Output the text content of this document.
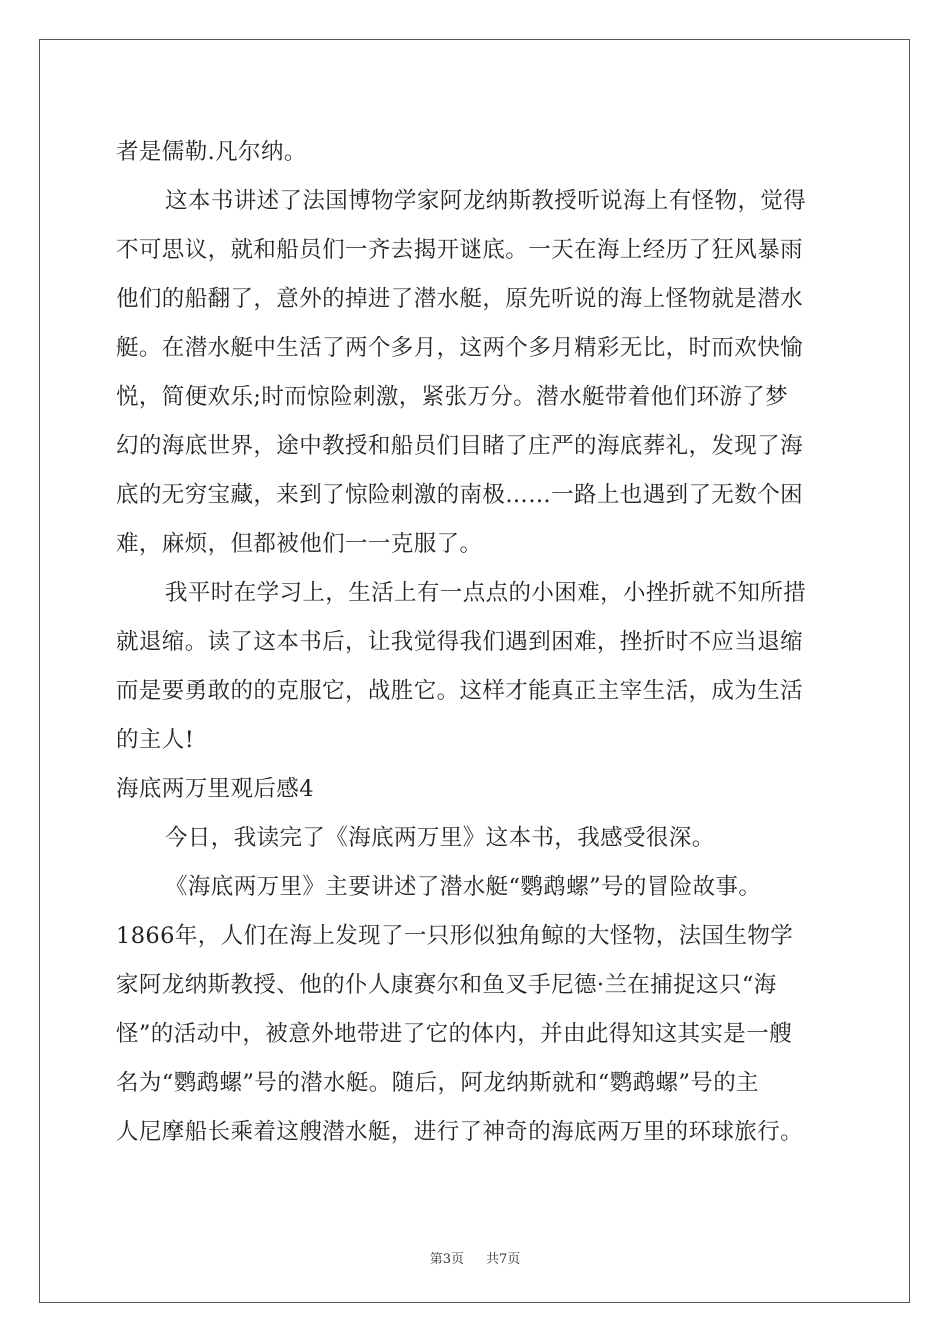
者是儒勒.凡尔纳。
这本书讲述了法国博物学家阿龙纳斯教授听说海上有怪物，觉得
不可思议，就和船员们一齐去揭开谜底。一天在海上经历了狂风暴雨
他们的船翻了，意外的掉进了潜水艇，原先听说的海上怪物就是潜水
艇。在潜水艇中生活了两个多月，这两个多月精彩无比，时而欢快愉
悦，简便欢乐;时而惊险刺激，紧张万分。潜水艇带着他们环游了梦
幻的海底世界，途中教授和船员们目睹了庄严的海底葬礼，发现了海
底的无穷宝藏，来到了惊险刺激的南极……一路上也遇到了无数个困
难，麻烦，但都被他们一一克服了。
我平时在学习上，生活上有一点点的小困难，小挫折就不知所措
就退缩。读了这本书后，让我觉得我们遇到困难，挫折时不应当退缩
而是要勇敢的的克服它，战胜它。这样才能真正主宰生活，成为生活
的主人!
海底两万里观后感4
今日，我读完了《海底两万里》这本书，我感受很深。
《海底两万里》主要讲述了潜水艇“鹦鹉螺”号的冒险故事。
1866年，人们在海上发现了一只形似独角鲸的大怪物，法国生物学
家阿龙纳斯教授、他的仆人康赛尔和鱼叉手尼德·兰在捕捉这只“海
怪”的活动中，被意外地带进了它的体内，并由此得知这其实是一艘
名为“鹦鹉螺”号的潜水艇。随后，阿龙纳斯就和“鹦鹉螺”号的主
人尼摩船长乘着这艘潜水艇，进行了神奇的海底两万里的环球旅行。
第3页 共7页
